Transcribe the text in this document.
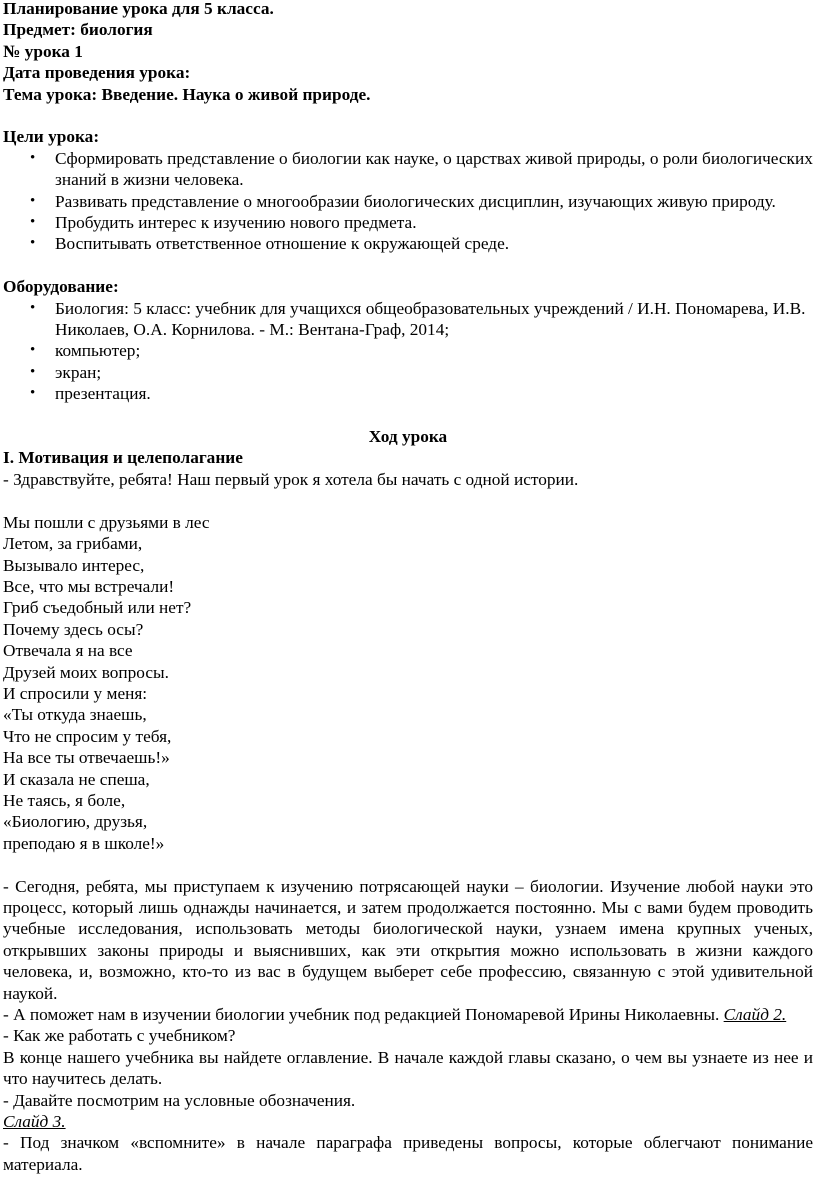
Планирование урока для 5 класса.
Предмет: биология
№ урока 1
Дата проведения урока:
Тема урока: Введение. Наука о живой природе.
Цели урока:
• Сформировать представление о биологии как науке, о царствах живой природы, о роли биологических знаний в жизни человека.
• Развивать представление о многообразии биологических дисциплин, изучающих живую природу.
• Пробудить интерес к изучению нового предмета.
• Воспитывать ответственное отношение к окружающей среде.
Оборудование:
• Биология: 5 класс: учебник для учащихся общеобразовательных учреждений / И.Н. Пономарева, И.В. Николаев, О.А. Корнилова. - М.: Вентана-Граф, 2014;
• компьютер;
• экран;
• презентация.
Ход урока
I. Мотивация и целеполагание
- Здравствуйте, ребята! Наш первый урок я хотела бы начать с одной истории.
Мы пошли с друзьями в лес
Летом, за грибами,
Вызывало интерес,
Все, что мы встречали!
Гриб съедобный или нет?
Почему здесь осы?
Отвечала я на все
Друзей моих вопросы.
И спросили у меня:
«Ты откуда знаешь,
Что не спросим у тебя,
На все ты отвечаешь!»
И сказала не спеша,
Не таясь, я боле,
«Биологию, друзья,
преподаю я в школе!»
- Сегодня, ребята, мы приступаем к изучению потрясающей науки – биологии. Изучение любой науки это процесс, который лишь однажды начинается, и затем продолжается постоянно. Мы с вами будем проводить учебные исследования, использовать методы биологической науки, узнаем имена крупных ученых, открывших законы природы и выяснивших, как эти открытия можно использовать в жизни каждого человека, и, возможно, кто-то из вас в будущем выберет себе профессию, связанную с этой удивительной наукой.
- А поможет нам в изучении биологии учебник под редакцией Пономаревой Ирины Николаевны. Слайд 2.
- Как же работать с учебником?
В конце нашего учебника вы найдете оглавление. В начале каждой главы сказано, о чем вы узнаете из нее и что научитесь делать.
- Давайте посмотрим на условные обозначения.
Слайд 3.
- Под значком «вспомните» в начале параграфа приведены вопросы, которые облегчают понимание материала.
